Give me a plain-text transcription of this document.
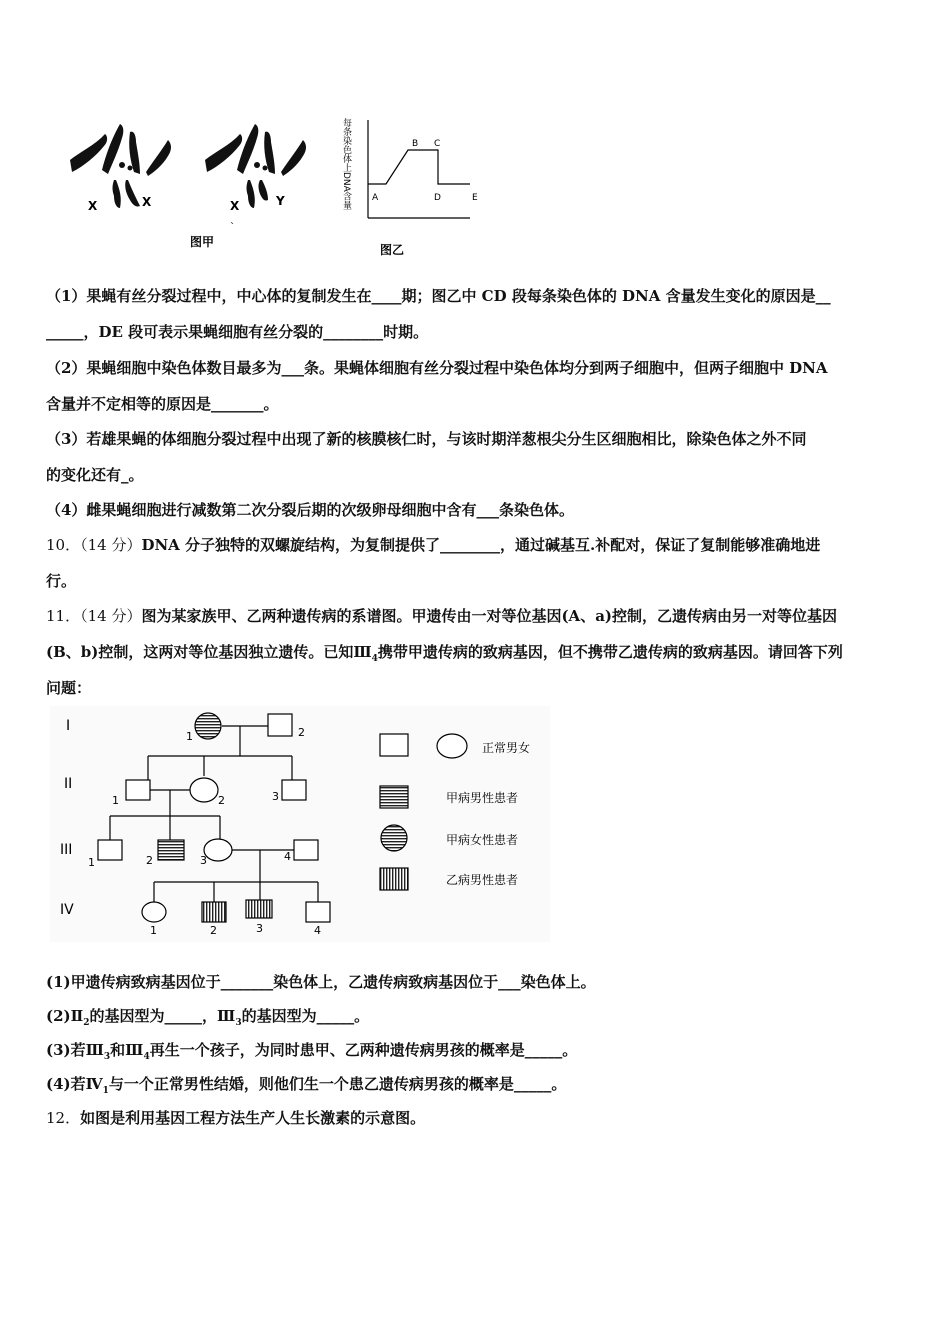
X	X	X	Y
图甲
`
每条染色体上DNA含量 A
B C
D	E
图乙
（1）果蝇有丝分裂过程中，中心体的复制发生在____期；图乙中 CD 段每条染色体的 DNA 含量发生变化的原因是__
_____，DE 段可表示果蝇细胞有丝分裂的________时期。
（2）果蝇细胞中染色体数目最多为___条。果蝇体细胞有丝分裂过程中染色体均分到两子细胞中，但两子细胞中 DNA
含量并不定相等的原因是_______。
（3）若雄果蝇的体细胞分裂过程中出现了新的核膜核仁时，与该时期洋葱根尖分生区细胞相比，除染色体之外不同
的变化还有_。
（4）雌果蝇细胞进行减数第二次分裂后期的次级卵母细胞中含有___条染色体。
10．（14 分）DNA 分子独特的双螺旋结构，为复制提供了________，通过碱基互.补配对，保证了复制能够准确地进
行。
11．（14 分）图为某家族甲、乙两种遗传病的系谱图。甲遗传由一对等位基因(A、a)控制，乙遗传病由另一对等位基因
(B、b)控制，这两对等位基因独立遗传。已知$Ⅲ_4$携带甲遗传病的致病基因，但不携带乙遗传病的致病基因。请回答下列
问题：
I
II
III
IV
1	2
1	2	3
1	2	3	4
1	2	3	4
正常男女
甲病男性患者
甲病女性患者
乙病男性患者
(1)甲遗传病致病基因位于_______染色体上，乙遗传病致病基因位于___染色体上。
$(2)Ⅱ_2$的基因型为_____，$Ⅲ_3$的基因型为_____。
(3)若$Ⅲ_3$和$Ⅲ_4$再生一个孩子，为同时患甲、乙两种遗传病男孩的概率是_____。
(4)若$Ⅳ_1$与一个正常男性结婚，则他们生一个患乙遗传病男孩的概率是_____。
12．如图是利用基因工程方法生产人生长激素的示意图。
